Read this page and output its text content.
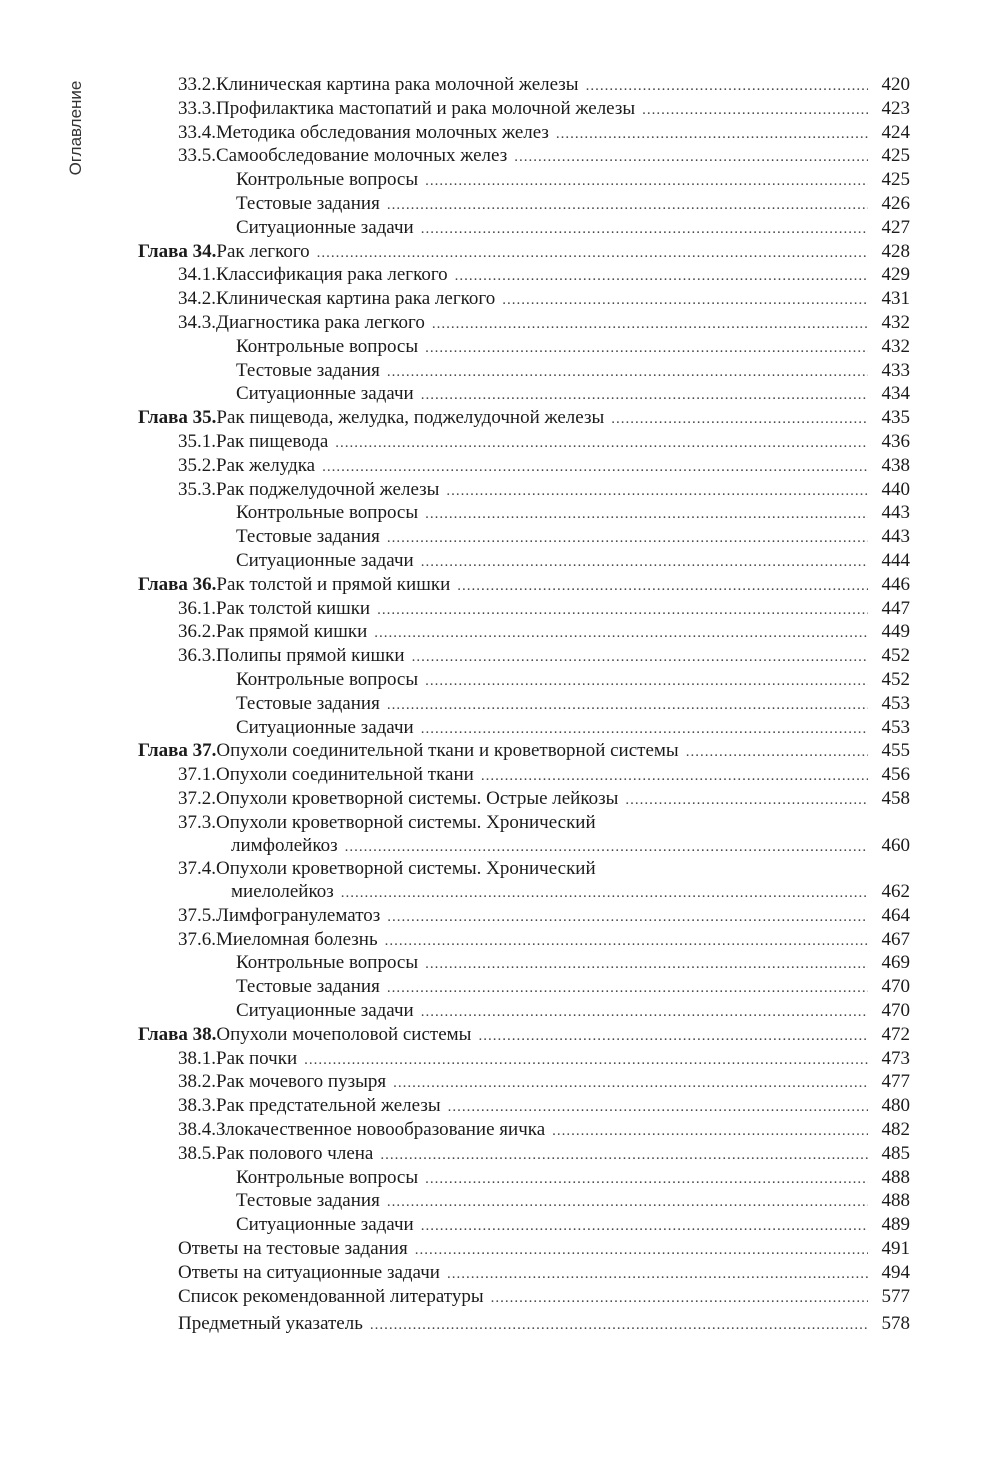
Оглавление	33.2. Клиническая картина рака молочной железы .....	420
33.3. Профилактика мастопатий и рака молочной железы .....	423
33.4. Методика обследования молочных желез .....	424
33.5. Самообследование молочных желез .....	425
Контрольные вопросы .....	425
Тестовые задания .....	426
Ситуационные задачи .....	427
Глава 34. Рак легкого .....	428
34.1. Классификация рака легкого .....	429
34.2. Клиническая картина рака легкого .....	431
34.3. Диагностика рака легкого .....	432
Контрольные вопросы .....	432
Тестовые задания .....	433
Ситуационные задачи .....	434
Глава 35. Рак пищевода, желудка, поджелудочной железы .....	435
35.1. Рак пищевода .....	436
35.2. Рак желудка .....	438
35.3. Рак поджелудочной железы .....	440
Контрольные вопросы .....	443
Тестовые задания .....	443
Ситуационные задачи .....	444
Глава 36. Рак толстой и прямой кишки .....	446
36.1. Рак толстой кишки .....	447
36.2. Рак прямой кишки .....	449
36.3. Полипы прямой кишки .....	452
Контрольные вопросы .....	452
Тестовые задания .....	453
Ситуационные задачи .....	453
Глава 37. Опухоли соединительной ткани и кроветворной системы .....	455
37.1. Опухоли соединительной ткани .....	456
37.2. Опухоли кроветворной системы. Острые лейкозы .....	458
37.3. Опухоли кроветворной системы. Хронический
лимфолейкоз .....	460
37.4. Опухоли кроветворной системы. Хронический
миелолейкоз .....	462
37.5. Лимфогранулематоз .....	464
37.6. Миеломная болезнь .....	467
Контрольные вопросы .....	469
Тестовые задания .....	470
Ситуационные задачи .....	470
Глава 38. Опухоли мочеполовой системы .....	472
38.1. Рак почки .....	473
38.2. Рак мочевого пузыря .....	477
38.3. Рак предстательной железы .....	480
38.4. Злокачественное новообразование яичка .....	482
38.5. Рак полового члена .....	485
Контрольные вопросы .....	488
Тестовые задания .....	488
Ситуационные задачи .....	489
Ответы на тестовые задания .....	491
Ответы на ситуационные задачи .....	494
Список рекомендованной литературы .....	577
Предметный указатель .....	578
